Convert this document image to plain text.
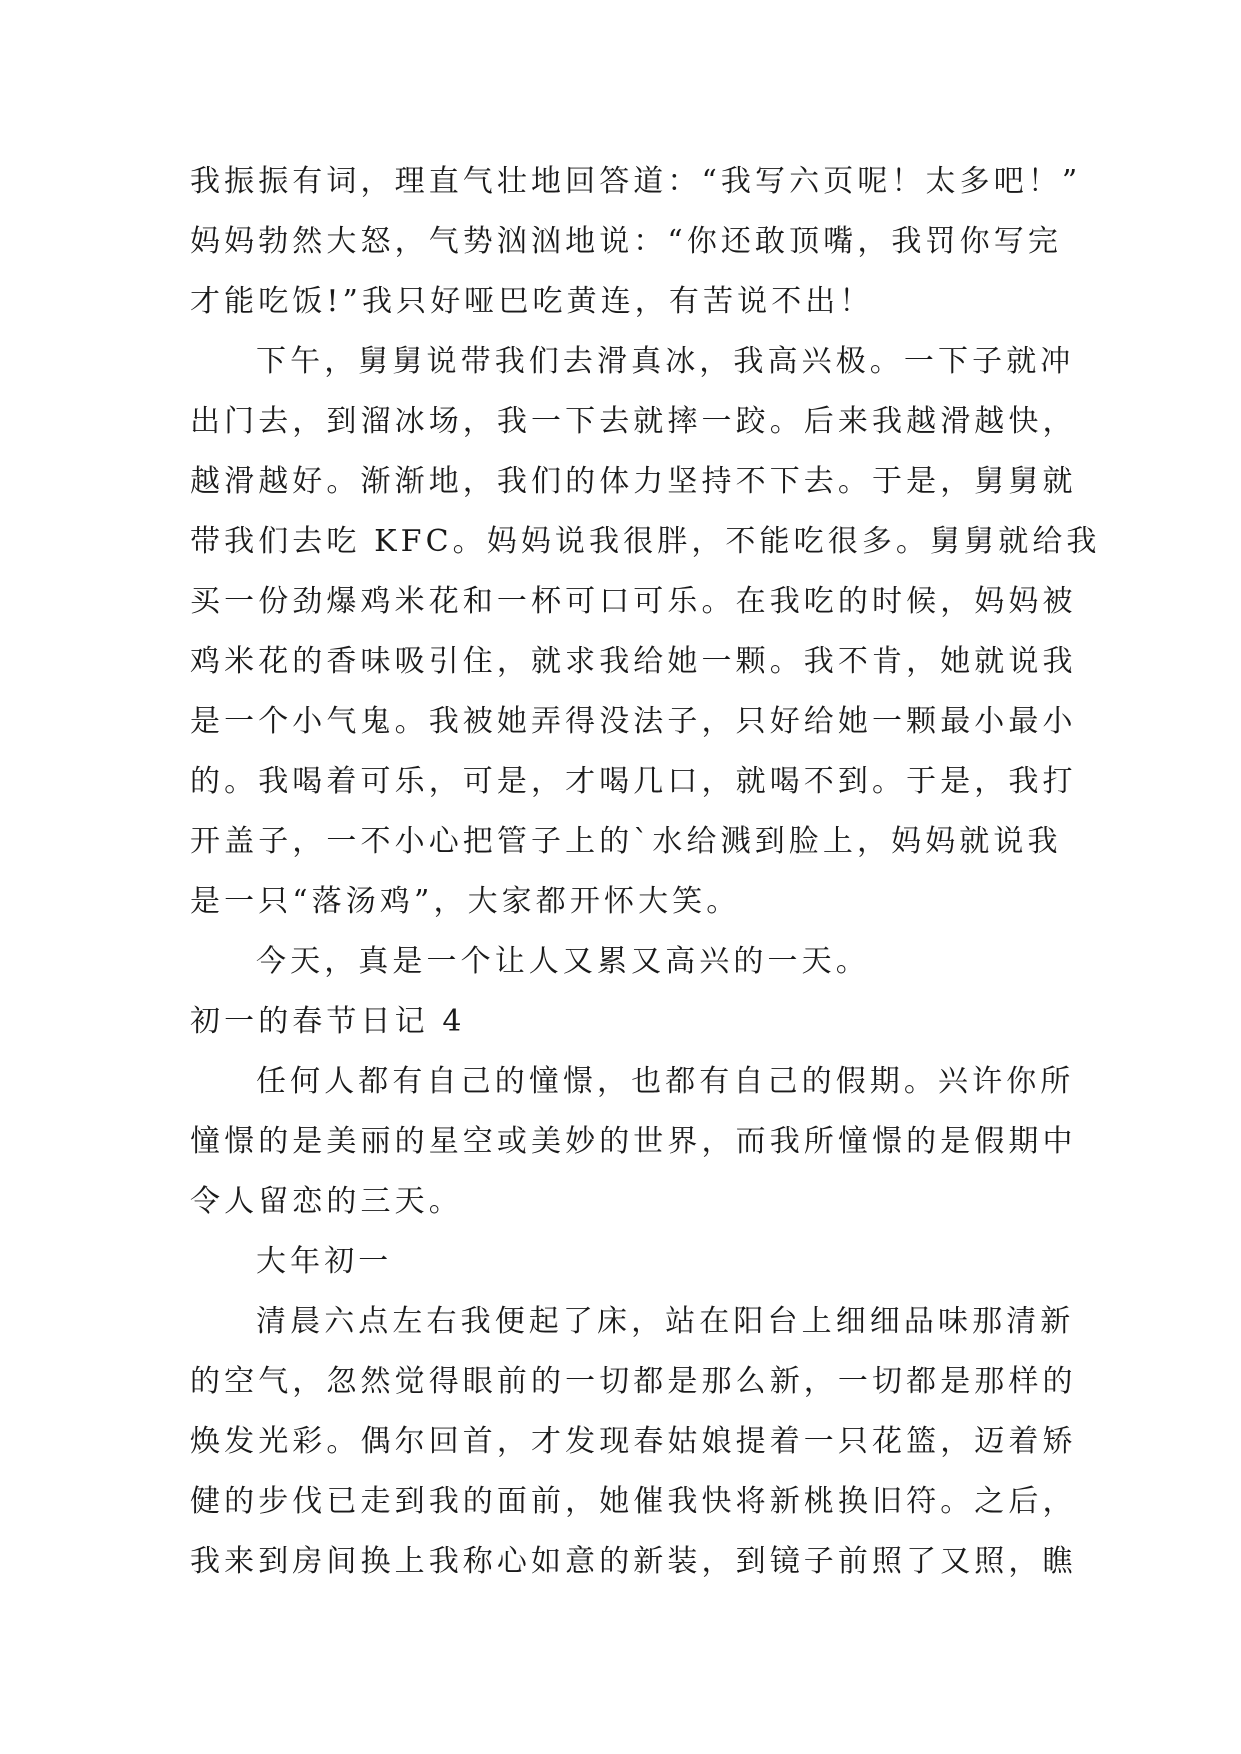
我振振有词，理直气壮地回答道：“我写六页呢！太多吧！”
妈妈勃然大怒，气势汹汹地说：“你还敢顶嘴，我罚你写完
才能吃饭!”我只好哑巴吃黄连，有苦说不出！
下午，舅舅说带我们去滑真冰，我高兴极。一下子就冲
出门去，到溜冰场，我一下去就摔一跤。后来我越滑越快，
越滑越好。渐渐地，我们的体力坚持不下去。于是，舅舅就
带我们去吃 KFC。妈妈说我很胖，不能吃很多。舅舅就给我
买一份劲爆鸡米花和一杯可口可乐。在我吃的时候，妈妈被
鸡米花的香味吸引住，就求我给她一颗。我不肯，她就说我
是一个小气鬼。我被她弄得没法子，只好给她一颗最小最小
的。我喝着可乐，可是，才喝几口，就喝不到。于是，我打
开盖子，一不小心把管子上的`水给溅到脸上，妈妈就说我
是一只“落汤鸡”，大家都开怀大笑。
今天，真是一个让人又累又高兴的一天。
初一的春节日记 4
任何人都有自己的憧憬，也都有自己的假期。兴许你所
憧憬的是美丽的星空或美妙的世界，而我所憧憬的是假期中
令人留恋的三天。
大年初一
清晨六点左右我便起了床，站在阳台上细细品味那清新
的空气，忽然觉得眼前的一切都是那么新，一切都是那样的
焕发光彩。偶尔回首，才发现春姑娘提着一只花篮，迈着矫
健的步伐已走到我的面前，她催我快将新桃换旧符。之后，
我来到房间换上我称心如意的新装，到镜子前照了又照，瞧
